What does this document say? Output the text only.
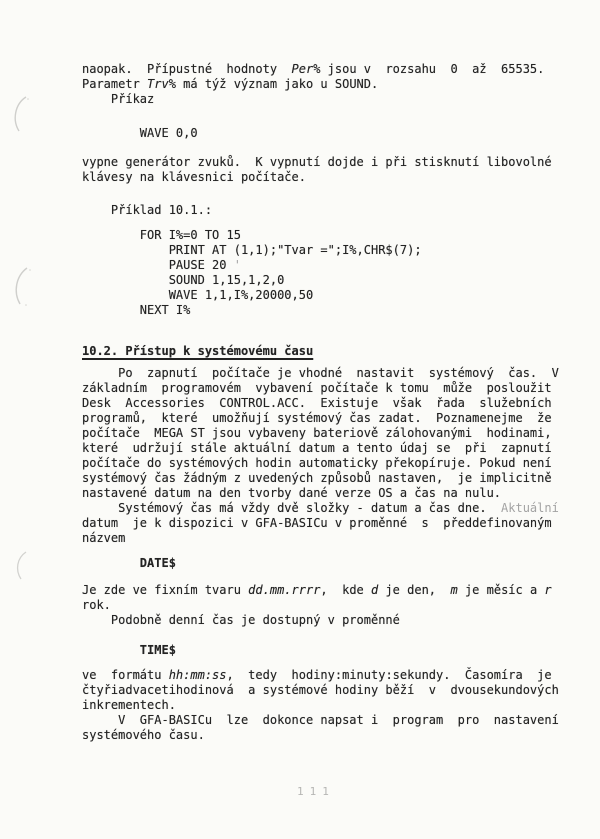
naopak.  Přípustné  hodnoty  Per% jsou v  rozsahu  0  až  65535.
Parametr Trv% má týž význam jako u SOUND.
Příkaz
WAVE 0,0
vypne generátor zvuků.  K vypnutí dojde i při stisknutí libovolné
klávesy na klávesnici počítače.
Příklad 10.1.:
FOR I%=0 TO 15
PRINT AT (1,1);"Tvar =";I%,CHR$(7);
PAUSE 20 '
SOUND 1,15,1,2,0
WAVE 1,1,I%,20000,50
NEXT I%
10.2. Přístup k systémovému času
Po  zapnutí  počítače je vhodné  nastavit  systémový  čas.  V
základním  programovém  vybavení počítače k tomu  může  posloužit
Desk  Accessories  CONTROL.ACC.  Existuje  však  řada  služebních
programů,  které  umožňují systémový čas zadat.  Poznamenejme  že
počítače  MEGA ST jsou vybaveny bateriově zálohovanými  hodinami,
které  udržují stále aktuální datum a tento údaj se  při  zapnutí
počítače do systémových hodin automaticky překopíruje. Pokud není
systémový čas žádným z uvedených způsobů nastaven,  je implicitně
nastavené datum na den tvorby dané verze OS a čas na nulu.
Systémový čas má vždy dvě složky - datum a čas dne.  Aktuální
datum  je k dispozici v GFA-BASICu v proměnné  s  předdefinovaným
názvem
DATE$
Je zde ve fixním tvaru dd.mm.rrrr,  kde d je den,  m je měsíc a r
rok.
Podobně denní čas je dostupný v proměnné
TIME$
ve  formátu hh:mm:ss,  tedy  hodiny:minuty:sekundy.  Časomíra  je
čtyřiadvacetihodinová  a systémové hodiny běží  v  dvousekundových
inkrementech.
V  GFA-BASICu  lze  dokonce napsat i  program  pro  nastavení
systémového času.
111
